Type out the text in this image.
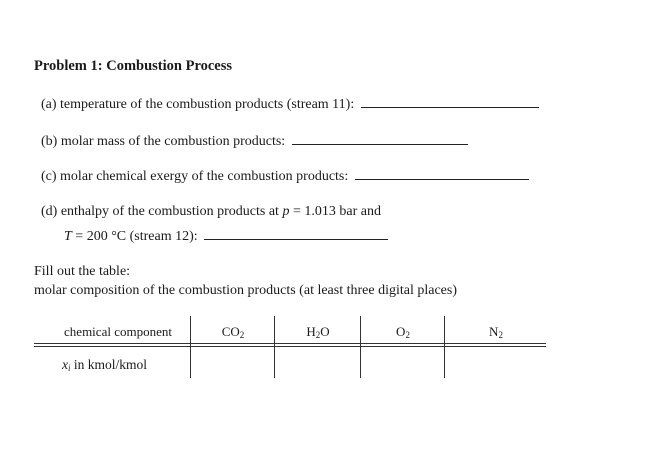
Problem 1: Combustion Process
(a) temperature of the combustion products (stream 11):
(b) molar mass of the combustion products:
(c) molar chemical exergy of the combustion products:
(d) enthalpy of the combustion products at p = 1.013 bar and
T = 200 °C (stream 12):
Fill out the table:
molar composition of the combustion products (at least three digital places)
chemical component	$CO_2$	$H_2O$	$O_2$	$N_2$
$x_i$ in kmol/kmol
